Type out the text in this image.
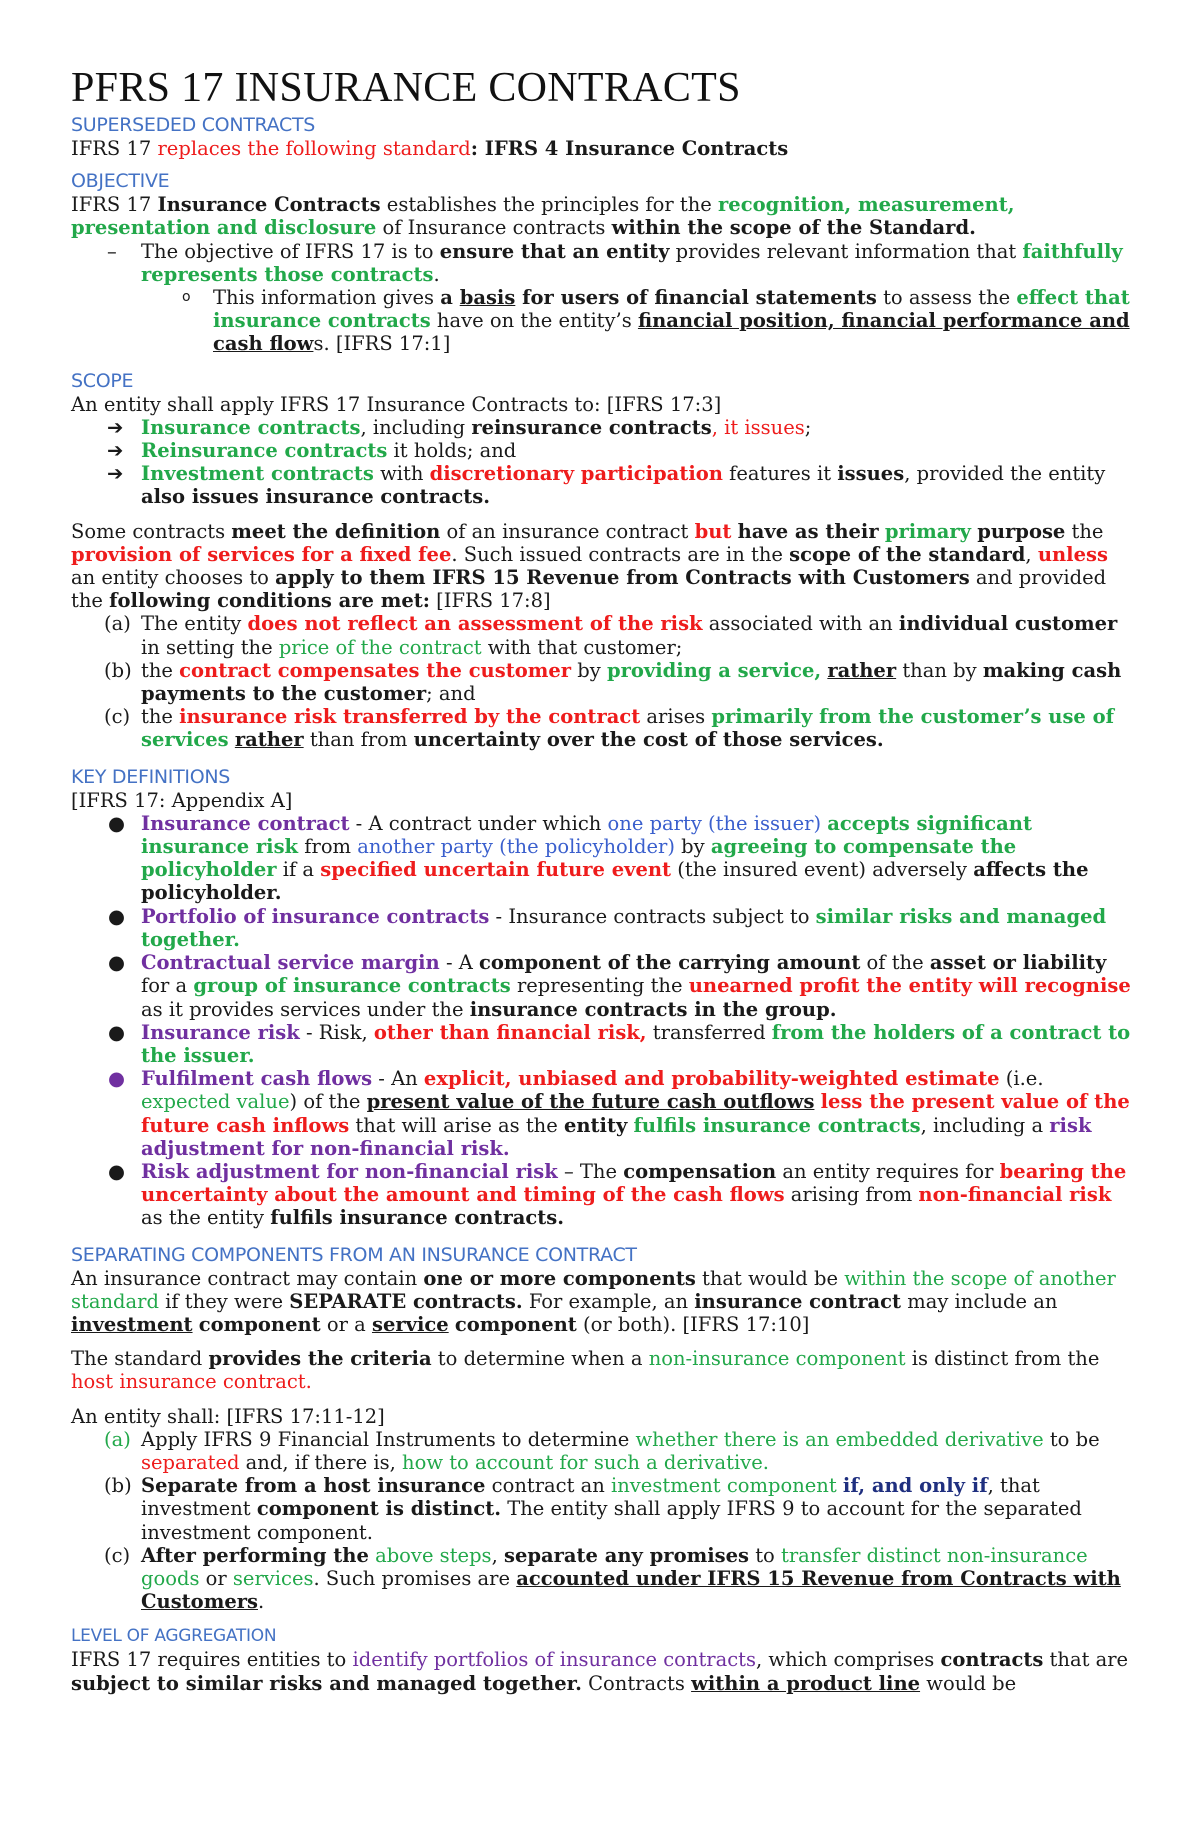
PFRS 17 INSURANCE CONTRACTS
SUPERSEDED CONTRACTS

IFRS 17 replaces the following standard: IFRS 4 Insurance Contracts

OBJECTIVE

IFRS 17 Insurance Contracts establishes the principles for the recognition, measurement, presentation and disclosure of Insurance contracts within the scope of the Standard.

– The objective of IFRS 17 is to ensure that an entity provides relevant information that faithfully represents those contracts.
o This information gives a basis for users of financial statements to assess the effect that insurance contracts have on the entity’s financial position, financial performance and cash flows. [IFRS 17:1]
SCOPE

An entity shall apply IFRS 17 Insurance Contracts to: [IFRS 17:3]

➔ Insurance contracts, including reinsurance contracts, it issues;
➔ Reinsurance contracts it holds; and
➔ Investment contracts with discretionary participation features it issues, provided the entity also issues insurance contracts.

Some contracts meet the definition of an insurance contract but have as their primary purpose the provision of services for a fixed fee. Such issued contracts are in the scope of the standard, unless an entity chooses to apply to them IFRS 15 Revenue from Contracts with Customers and provided the following conditions are met: [IFRS 17:8]

(a) The entity does not reflect an assessment of the risk associated with an individual customer in setting the price of the contract with that customer;
(b) the contract compensates the customer by providing a service, rather than by making cash payments to the customer; and
(c) the insurance risk transferred by the contract arises primarily from the customer’s use of services rather than from uncertainty over the cost of those services.
KEY DEFINITIONS

[IFRS 17: Appendix A]

● Insurance contract - A contract under which one party (the issuer) accepts significant insurance risk from another party (the policyholder) by agreeing to compensate the policyholder if a specified uncertain future event (the insured event) adversely affects the policyholder.
● Portfolio of insurance contracts - Insurance contracts subject to similar risks and managed together.
● Contractual service margin - A component of the carrying amount of the asset or liability for a group of insurance contracts representing the unearned profit the entity will recognise as it provides services under the insurance contracts in the group.
● Insurance risk - Risk, other than financial risk, transferred from the holders of a contract to the issuer.
● Fulfilment cash flows - An explicit, unbiased and probability-weighted estimate (i.e. expected value) of the present value of the future cash outflows less the present value of the future cash inflows that will arise as the entity fulfils insurance contracts, including a risk adjustment for non-financial risk.
● Risk adjustment for non-financial risk – The compensation an entity requires for bearing the uncertainty about the amount and timing of the cash flows arising from non-financial risk as the entity fulfils insurance contracts.
SEPARATING COMPONENTS FROM AN INSURANCE CONTRACT

An insurance contract may contain one or more components that would be within the scope of another standard if they were SEPARATE contracts. For example, an insurance contract may include an investment component or a service component (or both). [IFRS 17:10]

The standard provides the criteria to determine when a non-insurance component is distinct from the host insurance contract.

An entity shall: [IFRS 17:11-12]

(a) Apply IFRS 9 Financial Instruments to determine whether there is an embedded derivative to be separated and, if there is, how to account for such a derivative.
(b) Separate from a host insurance contract an investment component if, and only if, that investment component is distinct. The entity shall apply IFRS 9 to account for the separated investment component.
(c) After performing the above steps, separate any promises to transfer distinct non-insurance goods or services. Such promises are accounted under IFRS 15 Revenue from Contracts with Customers.
LEVEL OF AGGREGATION

IFRS 17 requires entities to identify portfolios of insurance contracts, which comprises contracts that are subject to similar risks and managed together. Contracts within a product line would be
